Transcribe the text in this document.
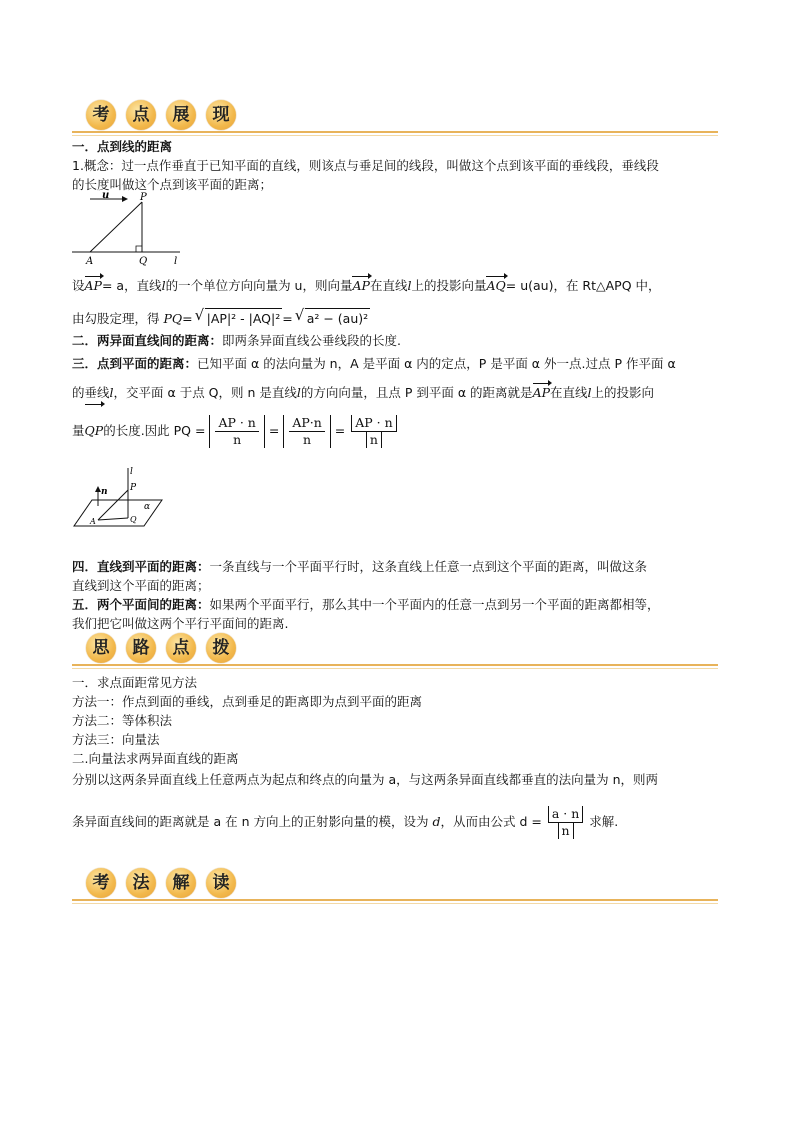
考	点	展	现
一．点到线的距离
1.概念：过一点作垂直于已知平面的直线，则该点与垂足间的线段，叫做这个点到该平面的垂线段，垂线段
的长度叫做这个点到该平面的距离；
u	P
A	Q	l
设AP= a，直线l的一个单位方向向量为 u，则向量AP在直线l上的投影向量AQ= u(au)，在 Rt△APQ 中，
由勾股定理，得 PQ= √ |AP|² - |AQ|² = √ a² − (au)²
二．两异面直线间的距离：即两条异面直线公垂线段的长度.
三．点到平面的距离：已知平面 α 的法向量为 n，A 是平面 α 内的定点，P 是平面 α 外一点.过点 P 作平面 α
的垂线l，交平面 α 于点 Q，则 n 是直线l的方向向量，且点 P 到平面 α 的距离就是AP在直线l上的投影向
量QP的长度.因此 PQ = $\frac{AP \cdot n}{n} = \frac{AP\cdot n}{n} = \frac{AP \cdot n}{n}$
l
n P
α
A	Q
四．直线到平面的距离：一条直线与一个平面平行时，这条直线上任意一点到这个平面的距离，叫做这条
直线到这个平面的距离；
五．两个平面间的距离：如果两个平面平行，那么其中一个平面内的任意一点到另一个平面的距离都相等，
我们把它叫做这两个平行平面间的距离.
思	路	点	拨
一．求点面距常见方法
方法一：作点到面的垂线，点到垂足的距离即为点到平面的距离
方法二：等体积法
方法三：向量法
二.向量法求两异面直线的距离
分别以这两条异面直线上任意两点为起点和终点的向量为 a，与这两条异面直线都垂直的法向量为 n，则两
条异面直线间的距离就是 a 在 n 方向上的正射影向量的模，设为 d，从而由公式 $d = \frac{a \cdot n}{n}$ 求解.
考	法	解	读
